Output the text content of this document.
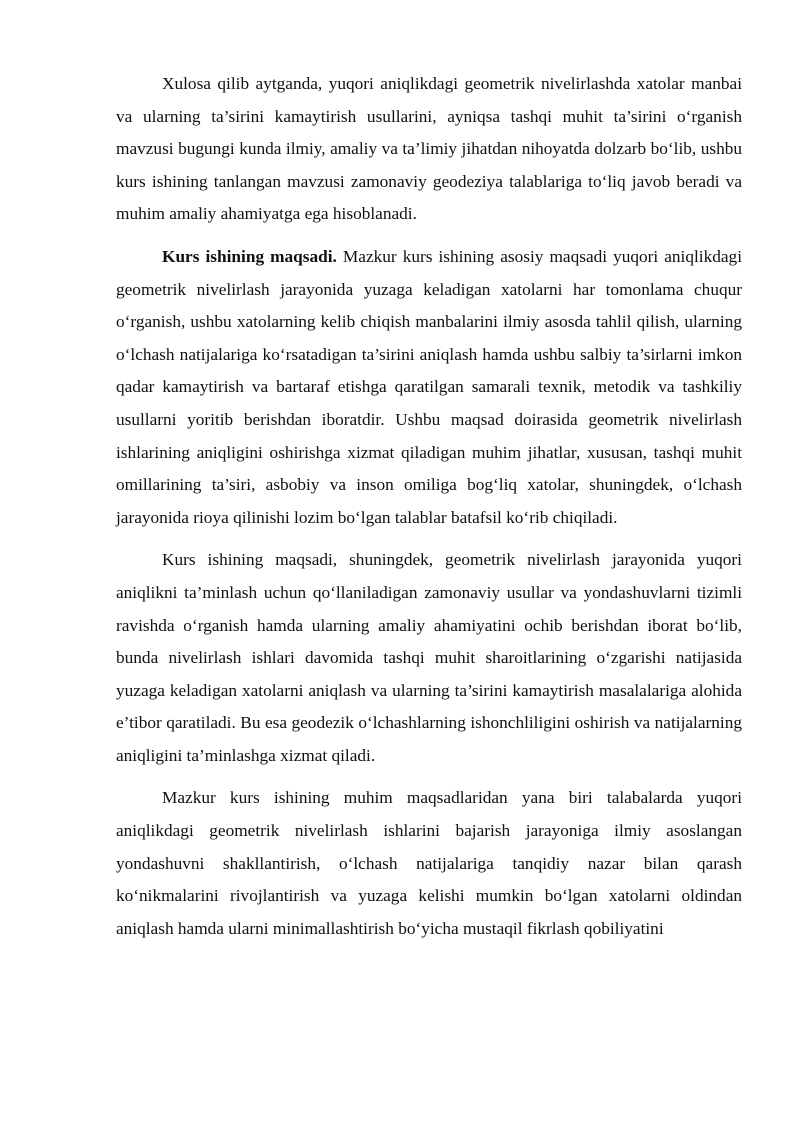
Xulosa qilib aytganda, yuqori aniqlikdagi geometrik nivelirlashda xatolar manbai va ularning ta’sirini kamaytirish usullarini, ayniqsa tashqi muhit ta’sirini o‘rganish mavzusi bugungi kunda ilmiy, amaliy va ta’limiy jihatdan nihoyatda dolzarb bo‘lib, ushbu kurs ishining tanlangan mavzusi zamonaviy geodeziya talablariga to‘liq javob beradi va muhim amaliy ahamiyatga ega hisoblanadi.

Kurs ishining maqsadi. Mazkur kurs ishining asosiy maqsadi yuqori aniqlikdagi geometrik nivelirlash jarayonida yuzaga keladigan xatolarni har tomonlama chuqur o‘rganish, ushbu xatolarning kelib chiqish manbalarini ilmiy asosda tahlil qilish, ularning o‘lchash natijalariga ko‘rsatadigan ta’sirini aniqlash hamda ushbu salbiy ta’sirlarni imkon qadar kamaytirish va bartaraf etishga qaratilgan samarali texnik, metodik va tashkiliy usullarni yoritib berishdan iboratdir. Ushbu maqsad doirasida geometrik nivelirlash ishlarining aniqligini oshirishga xizmat qiladigan muhim jihatlar, xususan, tashqi muhit omillarining ta’siri, asbobiy va inson omiliga bog‘liq xatolar, shuningdek, o‘lchash jarayonida rioya qilinishi lozim bo‘lgan talablar batafsil ko‘rib chiqiladi.

Kurs ishining maqsadi, shuningdek, geometrik nivelirlash jarayonida yuqori aniqlikni ta’minlash uchun qo‘llaniladigan zamonaviy usullar va yondashuvlarni tizimli ravishda o‘rganish hamda ularning amaliy ahamiyatini ochib berishdan iborat bo‘lib, bunda nivelirlash ishlari davomida tashqi muhit sharoitlarining o‘zgarishi natijasida yuzaga keladigan xatolarni aniqlash va ularning ta’sirini kamaytirish masalalariga alohida e’tibor qaratiladi. Bu esa geodezik o‘lchashlarning ishonchliligini oshirish va natijalarning aniqligini ta’minlashga xizmat qiladi.

Mazkur kurs ishining muhim maqsadlaridan yana biri talabalarda yuqori aniqlikdagi geometrik nivelirlash ishlarini bajarish jarayoniga ilmiy asoslangan yondashuvni shakllantirish, o‘lchash natijalariga tanqidiy nazar bilan qarash ko‘nikmalarini rivojlantirish va yuzaga kelishi mumkin bo‘lgan xatolarni oldindan aniqlash hamda ularni minimallashtirish bo‘yicha mustaqil fikrlash qobiliyatini
